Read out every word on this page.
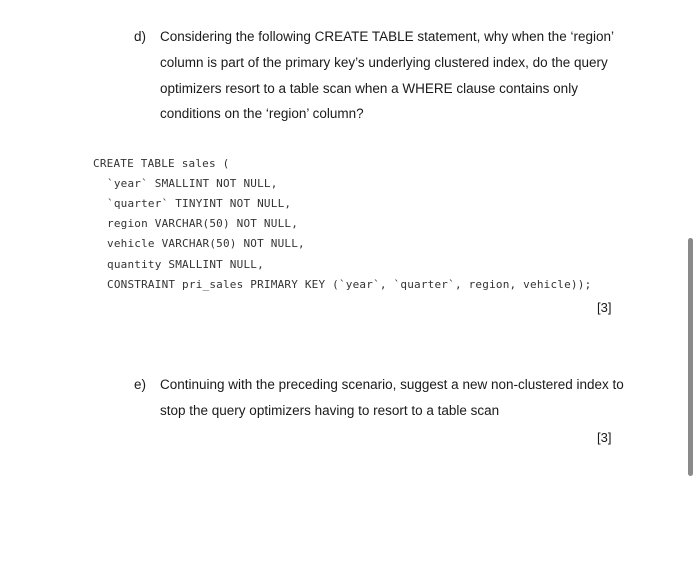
d) Considering the following CREATE TABLE statement, why when the ‘region’
column is part of the primary key’s underlying clustered index, do the query
optimizers resort to a table scan when a WHERE clause contains only
conditions on the ‘region’ column?
CREATE TABLE sales (
`year` SMALLINT NOT NULL,
`quarter` TINYINT NOT NULL,
region VARCHAR(50) NOT NULL,
vehicle VARCHAR(50) NOT NULL,
quantity SMALLINT NULL,
CONSTRAINT pri_sales PRIMARY KEY (`year`, `quarter`, region, vehicle));
[3]
e) Continuing with the preceding scenario, suggest a new non-clustered index to
stop the query optimizers having to resort to a table scan
[3]
